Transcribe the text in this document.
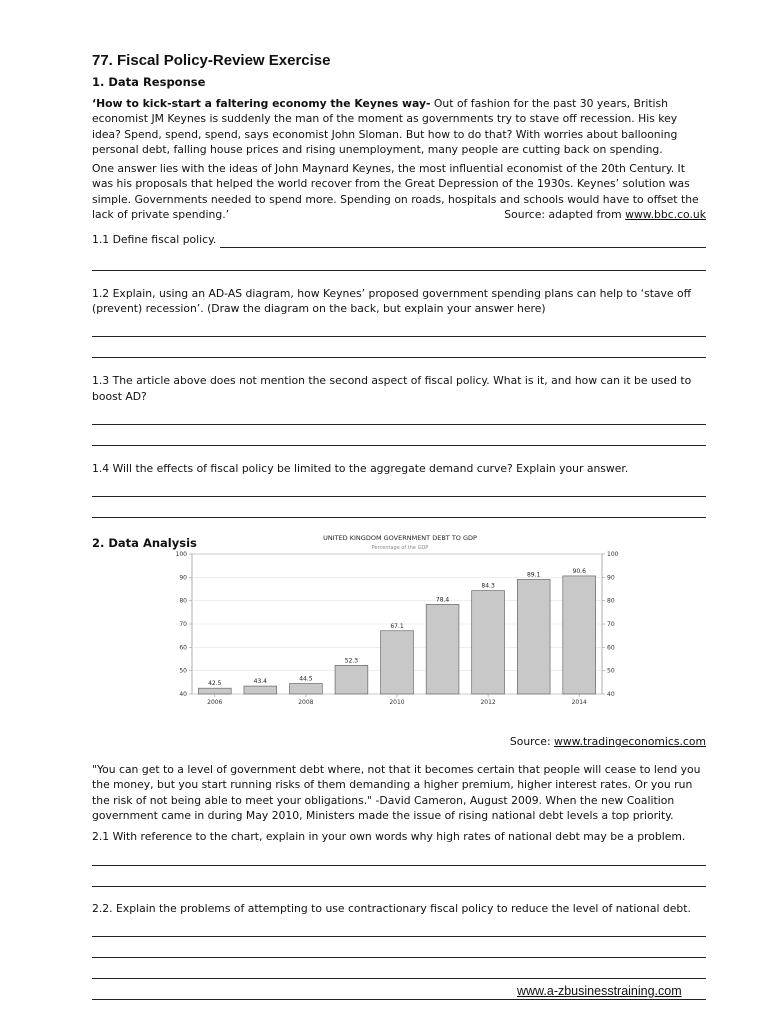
77. Fiscal Policy-Review Exercise
1. Data Response

‘How to kick-start a faltering economy the Keynes way- Out of fashion for the past 30 years, British economist JM Keynes is suddenly the man of the moment as governments try to stave off recession. His key idea? Spend, spend, spend, says economist John Sloman. But how to do that? With worries about ballooning personal debt, falling house prices and rising unemployment, many people are cutting back on spending.

One answer lies with the ideas of John Maynard Keynes, the most influential economist of the 20th Century. It was his proposals that helped the world recover from the Great Depression of the 1930s. Keynes’ solution was simple. Governments needed to spend more. Spending on roads, hospitals and schools would have to offset the lack of private spending.’	Source: adapted from www.bbc.co.uk

1.1 Define fiscal policy.

1.2 Explain, using an AD-AS diagram, how Keynes’ proposed government spending plans can help to ‘stave off (prevent) recession’. (Draw the diagram on the back, but explain your answer here)

1.3 The article above does not mention the second aspect of fiscal policy. What is it, and how can it be used to boost AD?

1.4 Will the effects of fiscal policy be limited to the aggregate demand curve? Explain your answer.

2. Data Analysis
Source: www.tradingeconomics.com

"You can get to a level of government debt where, not that it becomes certain that people will cease to lend you the money, but you start running risks of them demanding a higher premium, higher interest rates. Or you run the risk of not being able to meet your obligations." -David Cameron, August 2009. When the new Coalition government came in during May 2010, Ministers made the issue of rising national debt levels a top priority.

2.1 With reference to the chart, explain in your own words why high rates of national debt may be a problem.

2.2. Explain the problems of attempting to use contractionary fiscal policy to reduce the level of national debt.

UNITED KINGDOM GOVERNMENT DEBT TO GDP
Percentage of the GDP
42.5	43.4	44.5
52.3
67.1
78.4
84.3
89.1	90.6
40	40
50	50
60	60
70	70
80	80
90	90
100	100
2006	2008	2010	2012	2014
www.a-zbusinesstraining.com
